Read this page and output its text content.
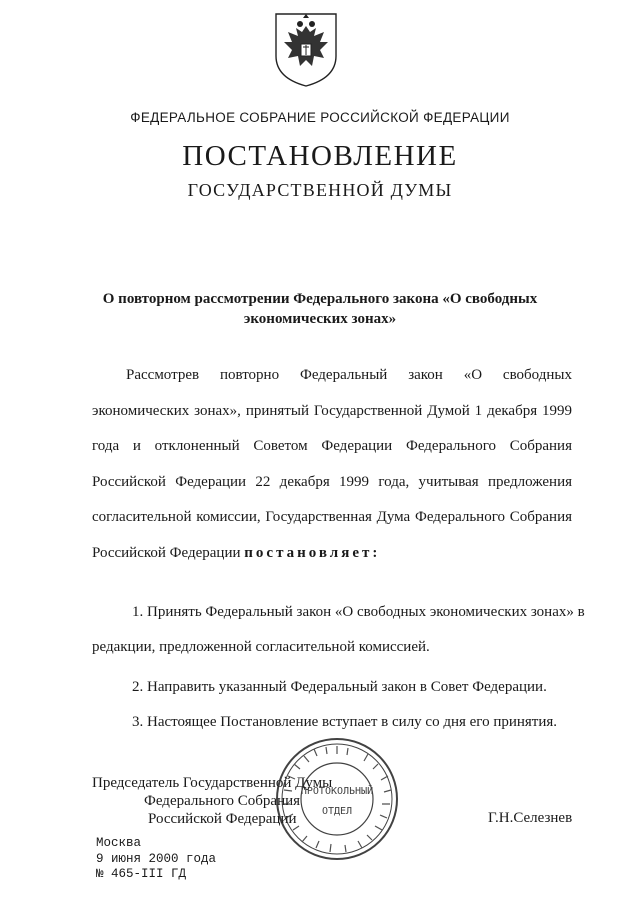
ФЕДЕРАЛЬНОЕ СОБРАНИЕ РОССИЙСКОЙ ФЕДЕРАЦИИ
ПОСТАНОВЛЕНИЕ
ГОСУДАРСТВЕННОЙ ДУМЫ
О повторном рассмотрении Федерального закона «О свободных
экономических зонах»
Рассмотрев повторно Федеральный закон «О свободных экономических зонах», принятый Государственной Думой 1 декабря 1999 года и отклоненный Советом Федерации Федерального Собрания Российской Федерации 22 декабря 1999 года, учитывая предложения согласительной комиссии, Государственная Дума Федерального Собрания Российской Федерации постановляет:
1. Принять Федеральный закон «О свободных экономических зонах» в редакции, предложенной согласительной комиссией.
2. Направить указанный Федеральный закон в Совет Федерации.
3. Настоящее Постановление вступает в силу со дня его принятия.
Председатель Государственной Думы
Федерального Собрания
Российской Федерации	Г.Н.Селезнев
ПРОТОКОЛЬНЫЙ
ОТДЕЛ
Москва
9 июня 2000 года
№ 465-III ГД
